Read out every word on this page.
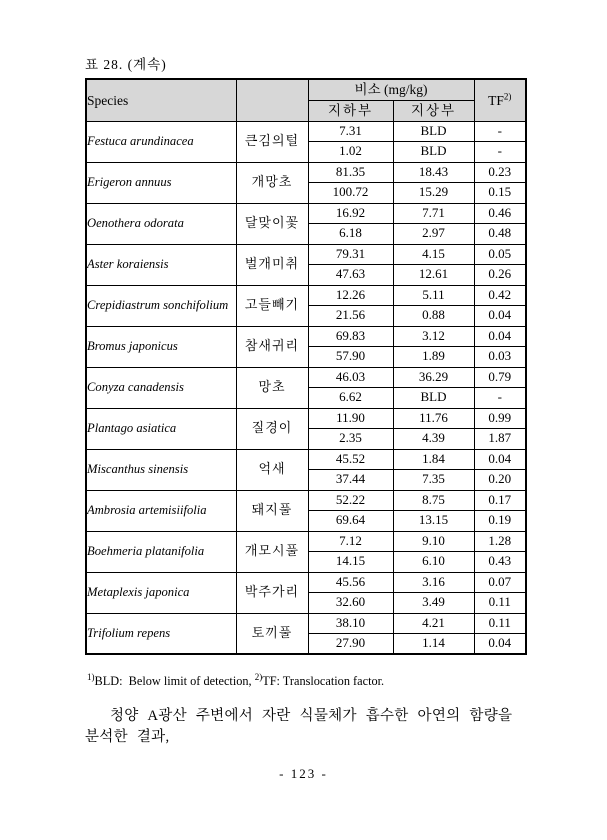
표 28. (계속)
Species		비소 (mg/kg)		TF$^{2)}$
		지하부	지상부	
Festuca arundinacea	큰김의털	7.31	BLD	-
		1.02	BLD	-
Erigeron annuus	개망초	81.35	18.43	0.23
		100.72	15.29	0.15
Oenothera odorata	달맞이꽃	16.92	7.71	0.46
		6.18	2.97	0.48
Aster koraiensis	벌개미취	79.31	4.15	0.05
		47.63	12.61	0.26
Crepidiastrum sonchifolium	고들빼기	12.26	5.11	0.42
		21.56	0.88	0.04
Bromus japonicus	참새귀리	69.83	3.12	0.04
		57.90	1.89	0.03
Conyza canadensis	망초	46.03	36.29	0.79
		6.62	BLD	-
Plantago asiatica	질경이	11.90	11.76	0.99
		2.35	4.39	1.87
Miscanthus sinensis	억새	45.52	1.84	0.04
		37.44	7.35	0.20
Ambrosia artemisiifolia	돼지풀	52.22	8.75	0.17
		69.64	13.15	0.19
Boehmeria platanifolia	개모시풀	7.12	9.10	1.28
		14.15	6.10	0.43
Metaplexis japonica	박주가리	45.56	3.16	0.07
		32.60	3.49	0.11
Trifolium repens	토끼풀	38.10	4.21	0.11
		27.90	1.14	0.04
$^{1)}$BLD:  Below limit of detection, $^{2)}$TF: Translocation factor.

청양 A광산 주변에서 자란 식물체가 흡수한 아연의 함량을 분석한 결과,

- 123 -
